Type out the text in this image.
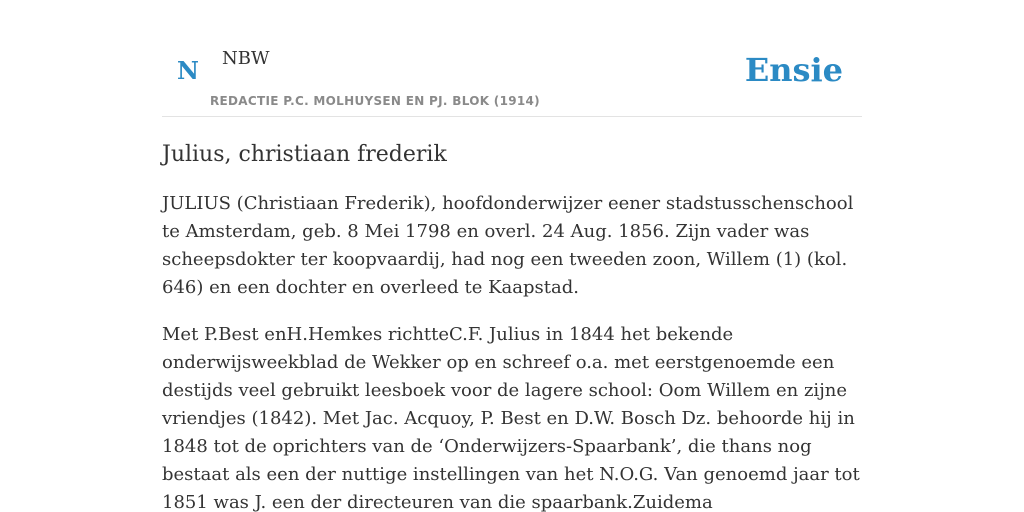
N NBW
REDACTIE P.C. MOLHUYSEN EN PJ. BLOK (1914)
Ensie
Julius, christiaan frederik

JULIUS (Christiaan Frederik), hoofdonderwijzer eener stadstusschenschool te Amsterdam, geb. 8 Mei 1798 en overl. 24 Aug. 1856. Zijn vader was scheepsdokter ter koopvaardij, had nog een tweeden zoon, Willem (1) (kol. 646) en een dochter en overleed te Kaapstad.

Met P.Best enH.Hemkes richtteC.F. Julius in 1844 het bekende onderwijsweekblad de Wekker op en schreef o.a. met eerstgenoemde een destijds veel gebruikt leesboek voor de lagere school: Oom Willem en zijne vriendjes (1842). Met Jac. Acquoy, P. Best en D.W. Bosch Dz. behoorde hij in 1848 tot de oprichters van de ‘Onderwijzers-Spaarbank’, die thans nog bestaat als een der nuttige instellingen van het N.O.G. Van genoemd jaar tot 1851 was J. een der directeuren van die spaarbank.Zuidema
